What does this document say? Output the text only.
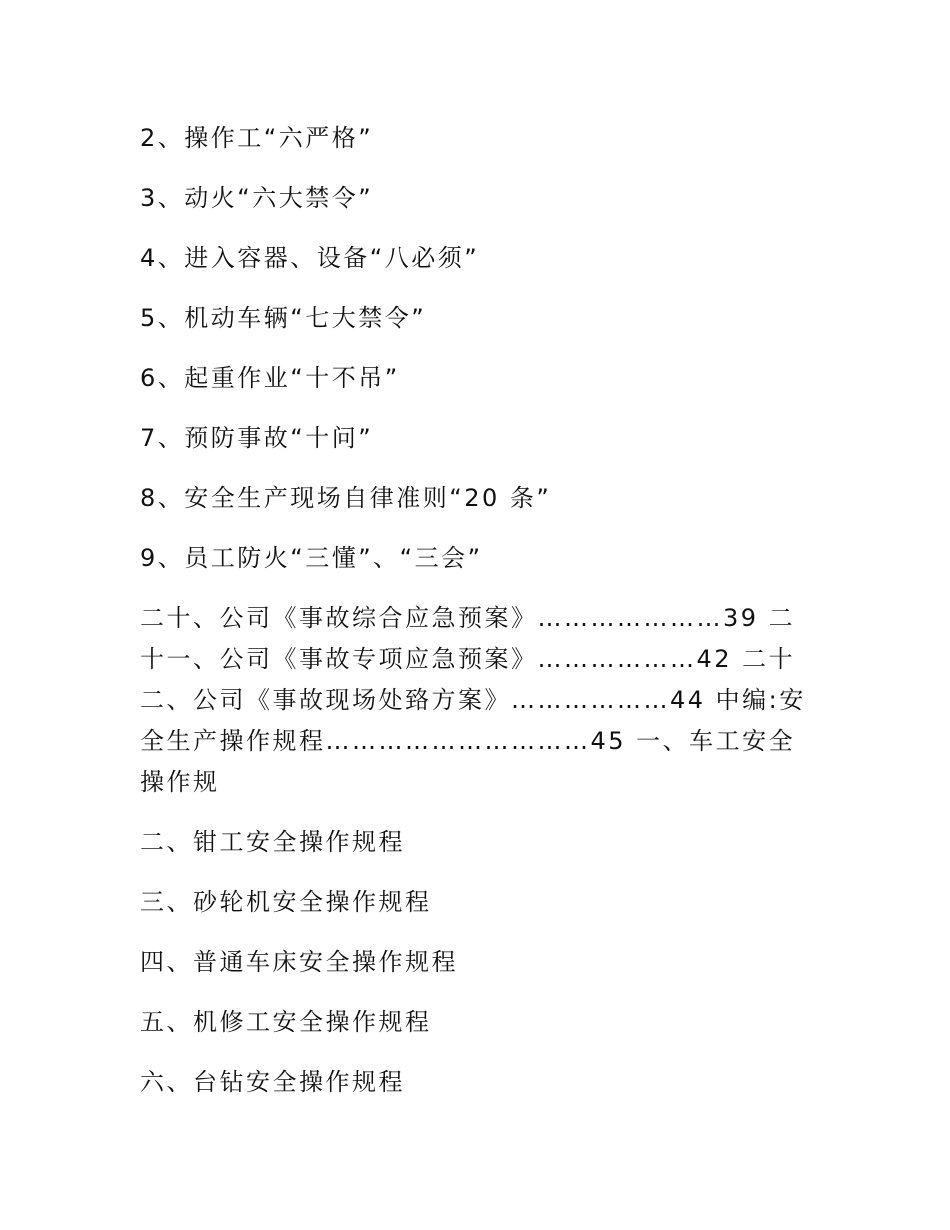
2、操作工“六严格”
3、动火“六大禁令”
4、进入容器、设备“八必须”
5、机动车辆“七大禁令”
6、起重作业“十不吊”
7、预防事故“十问”
8、安全生产现场自律准则“20 条”
9、员工防火“三懂”、“三会”
二十、公司《事故综合应急预案》…………………39 二
十一、公司《事故专项应急预案》………………42 二十
二、公司《事故现场处臵方案》………………44 中编:安
全生产操作规程…………………………45 一、车工安全
操作规
二、钳工安全操作规程
三、砂轮机安全操作规程
四、普通车床安全操作规程
五、机修工安全操作规程
六、台钻安全操作规程
